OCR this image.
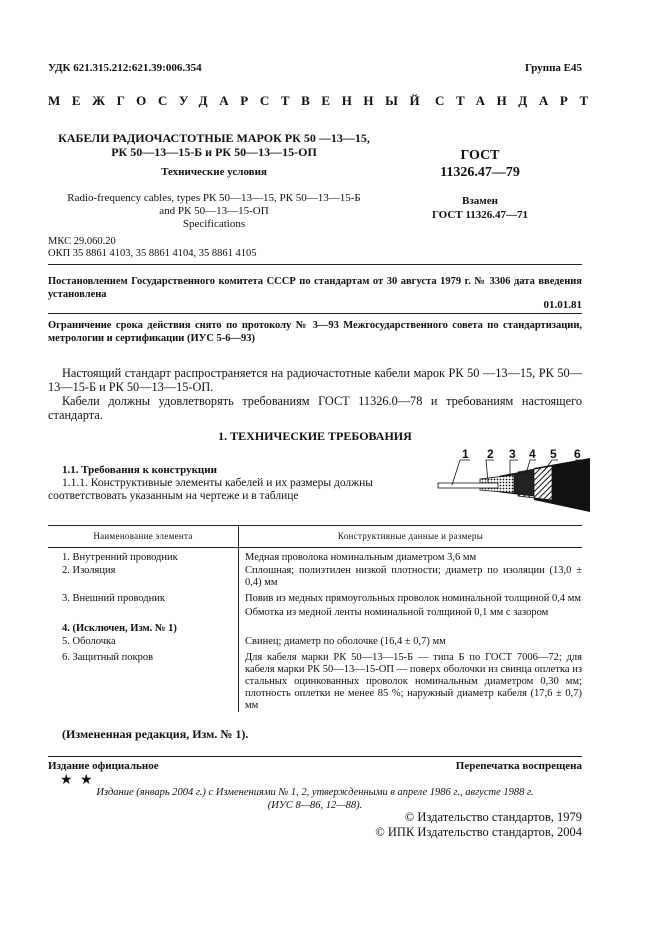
УДК 621.315.212:621.39:006.354	Группа Е45
МЕЖГОСУДАРСТВЕННЫЙ СТАНДАРТ
КАБЕЛИ РАДИОЧАСТОТНЫЕ МАРОК РК 50 —13—15,
РК 50—13—15-Б и РК 50—13—15-ОП
Технические условия
Radio-frequency cables, types РК 50—13—15, РК 50—13—15-Б
and РК 50—13—15-ОП
Specifications
ГОСТ
11326.47—79
Взамен
ГОСТ 11326.47—71
МКС 29.060.20
ОКП 35 8861 4103, 35 8861 4104, 35 8861 4105
Постановлением Государственного комитета СССР по стандартам от 30 августа 1979 г. № 3306 дата введения установлена
01.01.81
Ограничение срока действия снято по протоколу № 3—93 Межгосударственного совета по стандартизации, метрологии и сертификации (ИУС 5-6—93)
Настоящий стандарт распространяется на радиочастотные кабели марок РК 50 —13—15, РК 50—13—15-Б и РК 50—13—15-ОП.
Кабели должны удовлетворять требованиям ГОСТ 11326.0—78 и требованиям настоящего стандарта.
1. ТЕХНИЧЕСКИЕ ТРЕБОВАНИЯ
1.1. Требования к конструкции
1.1.1. Конструктивные элементы кабелей и их размеры должны
соответствовать указанным на чертеже и в таблице
1 2 3 4 5 6
Наименование элемента	Конструктивные данные и размеры
1. Внутренний проводник	Медная проволока номинальным диаметром 3,6 мм
2. Изоляция	Сплошная; полиэтилен низкой плотности; диаметр по изоляции (13,0 ± 0,4) мм
3. Внешний проводник	Повив из медных прямоугольных проволок номинальной толщиной 0,4 мм
Обмотка из медной ленты номинальной толщиной 0,1 мм с зазором

4. (Исключен, Изм. № 1)	
5. Оболочка	Свинец; диаметр по оболочке (16,4 ± 0,7) мм
6. Защитный покров	Для кабеля марки РК 50—13—15-Б — типа Б по ГОСТ 7006—72; для кабеля марки РК 50—13—15-ОП — поверх оболочки из свинца оплетка из стальных оцинкованных проволок номинальным диаметром 0,30 мм; плотность оплетки не менее 85 %; наружный диаметр кабеля (17,6 ± 0,7) мм
(Измененная редакция, Изм. № 1).
Издание официальное	Перепечатка воспрещена
★ ★
Издание (январь 2004 г.) с Изменениями № 1, 2, утвержденными в апреле 1986 г., августе 1988 г.
(ИУС 8—86, 12—88).
© Издательство стандартов, 1979
© ИПК Издательство стандартов, 2004
